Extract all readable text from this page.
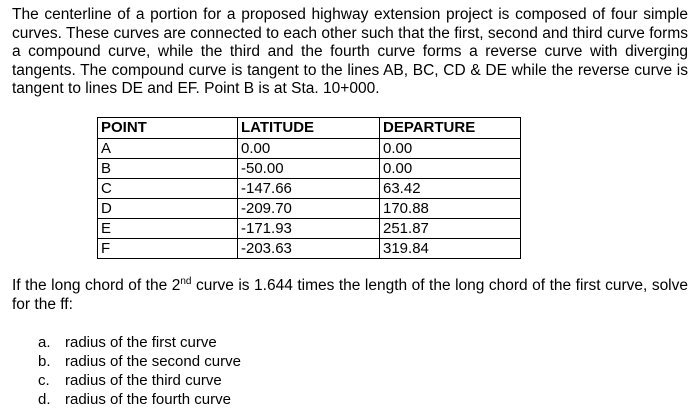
The centerline of a portion for a proposed highway extension project is composed of four simple curves. These curves are connected to each other such that the first, second and third curve forms a compound curve, while the third and the fourth curve forms a reverse curve with diverging tangents. The compound curve is tangent to the lines AB, BC, CD & DE while the reverse curve is tangent to lines DE and EF. Point B is at Sta. 10+000.

POINT	LATITUDE	DEPARTURE
A	0.00	0.00
B	-50.00	0.00
C	-147.66	63.42
D	-209.70	170.88
E	-171.93	251.87
F	-203.63	319.84

If the long chord of the 2nd curve is 1.644 times the length of the long chord of the first curve, solve for the ff:

a. radius of the first curve
b. radius of the second curve
c.	radius of the third curve
d. radius of the fourth curve
